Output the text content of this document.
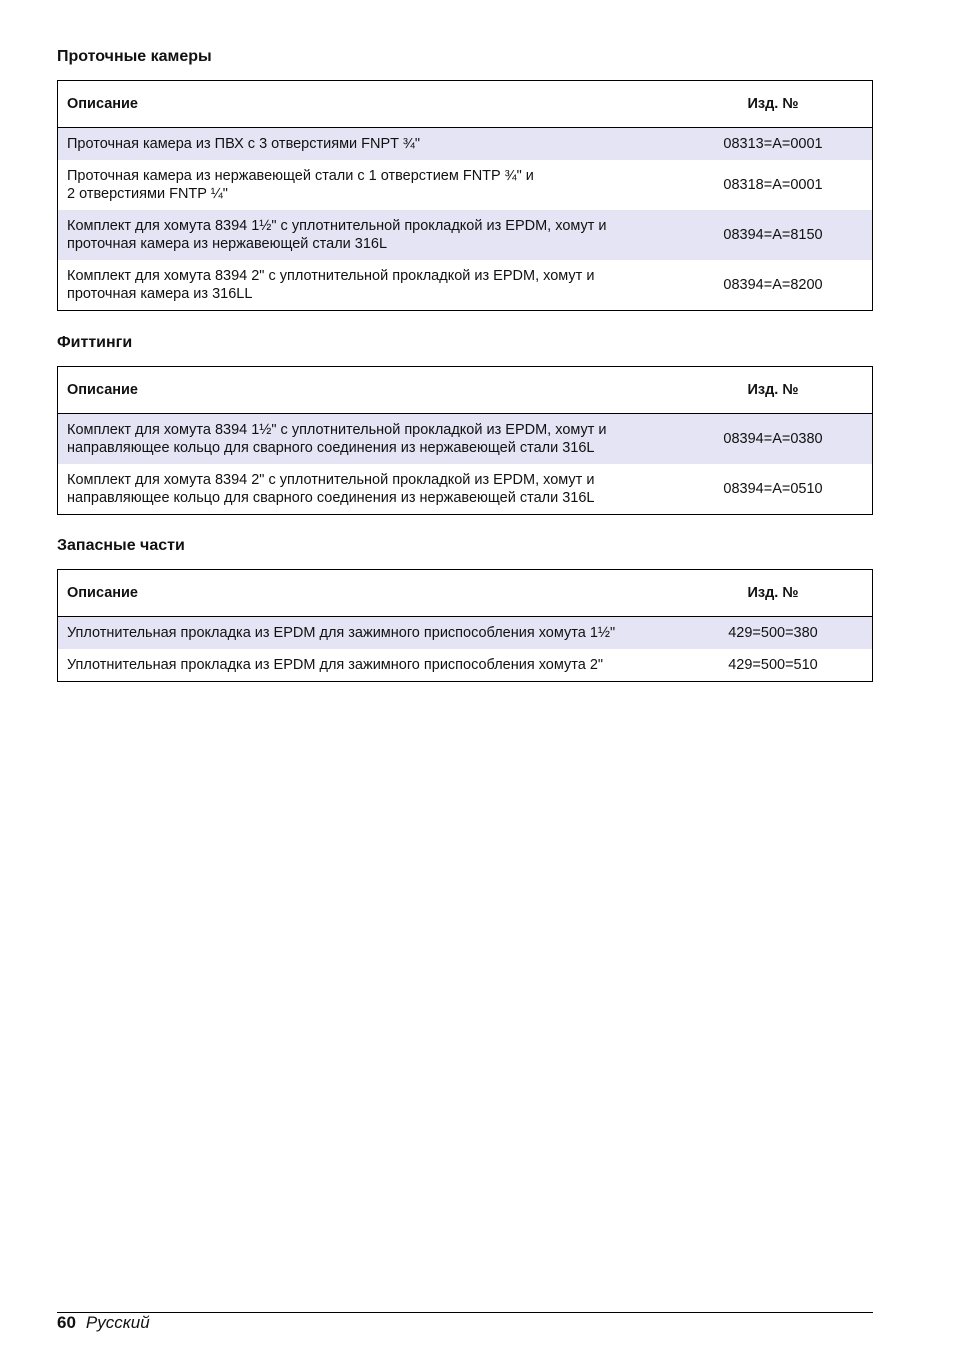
Проточные камеры
Описание	Изд. №
Проточная камера из ПВХ с 3 отверстиями FNPT ¾"	08313=A=0001
Проточная камера из нержавеющей стали с 1 отверстием FNTP ¾" и
2 отверстиями FNTP ¼"	08318=A=0001
Комплект для хомута 8394 1½" с уплотнительной прокладкой из EPDM, хомут и
проточная камера из нержавеющей стали 316L	08394=A=8150
Комплект для хомута 8394 2" с уплотнительной прокладкой из EPDM, хомут и
проточная камера из 316LL	08394=A=8200
Фиттинги
Описание	Изд. №
Комплект для хомута 8394 1½" с уплотнительной прокладкой из EPDM, хомут и
направляющее кольцо для сварного соединения из нержавеющей стали 316L	08394=A=0380
Комплект для хомута 8394 2" с уплотнительной прокладкой из EPDM, хомут и
направляющее кольцо для сварного соединения из нержавеющей стали 316L	08394=A=0510
Запасные части
Описание	Изд. №
Уплотнительная прокладка из EPDM для зажимного приспособления хомута 1½"	429=500=380
Уплотнительная прокладка из EPDM для зажимного приспособления хомута 2"	429=500=510
60 Русский
